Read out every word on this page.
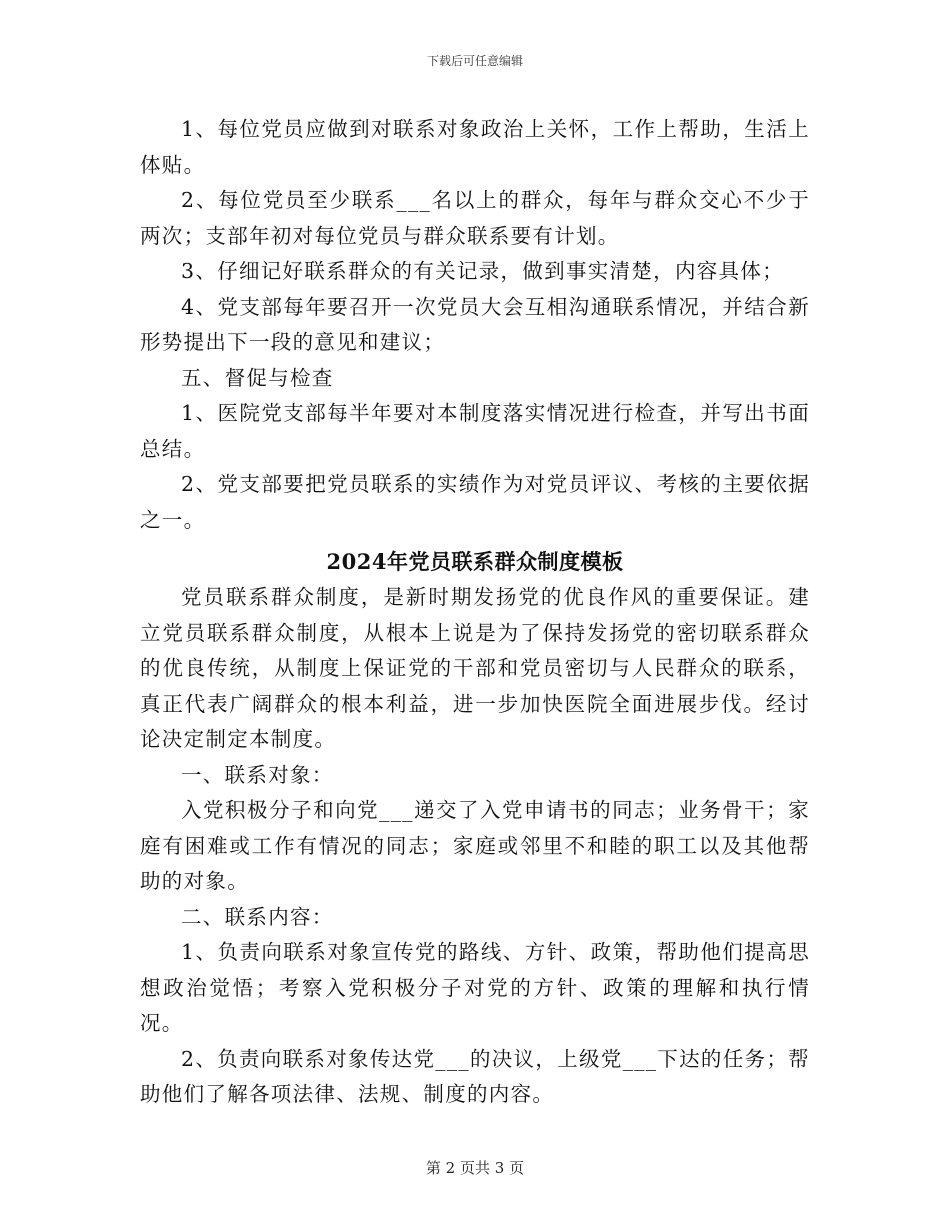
下载后可任意编辑

1、每位党员应做到对联系对象政治上关怀，工作上帮助，生活上体贴。

2、每位党员至少联系___名以上的群众，每年与群众交心不少于两次；支部年初对每位党员与群众联系要有计划。

3、仔细记好联系群众的有关记录，做到事实清楚，内容具体；

4、党支部每年要召开一次党员大会互相沟通联系情况，并结合新形势提出下一段的意见和建议；

五、督促与检查

1、医院党支部每半年要对本制度落实情况进行检查，并写出书面总结。

2、党支部要把党员联系的实绩作为对党员评议、考核的主要依据之一。

2024年党员联系群众制度模板

党员联系群众制度，是新时期发扬党的优良作风的重要保证。建立党员联系群众制度，从根本上说是为了保持发扬党的密切联系群众的优良传统，从制度上保证党的干部和党员密切与人民群众的联系，真正代表广阔群众的根本利益，进一步加快医院全面进展步伐。经讨论决定制定本制度。

一、联系对象：

入党积极分子和向党___递交了入党申请书的同志；业务骨干；家庭有困难或工作有情况的同志；家庭或邻里不和睦的职工以及其他帮助的对象。

二、联系内容：

1、负责向联系对象宣传党的路线、方针、政策，帮助他们提高思想政治觉悟；考察入党积极分子对党的方针、政策的理解和执行情况。

2、负责向联系对象传达党___的决议，上级党___下达的任务；帮助他们了解各项法律、法规、制度的内容。

第 2 页共 3 页
